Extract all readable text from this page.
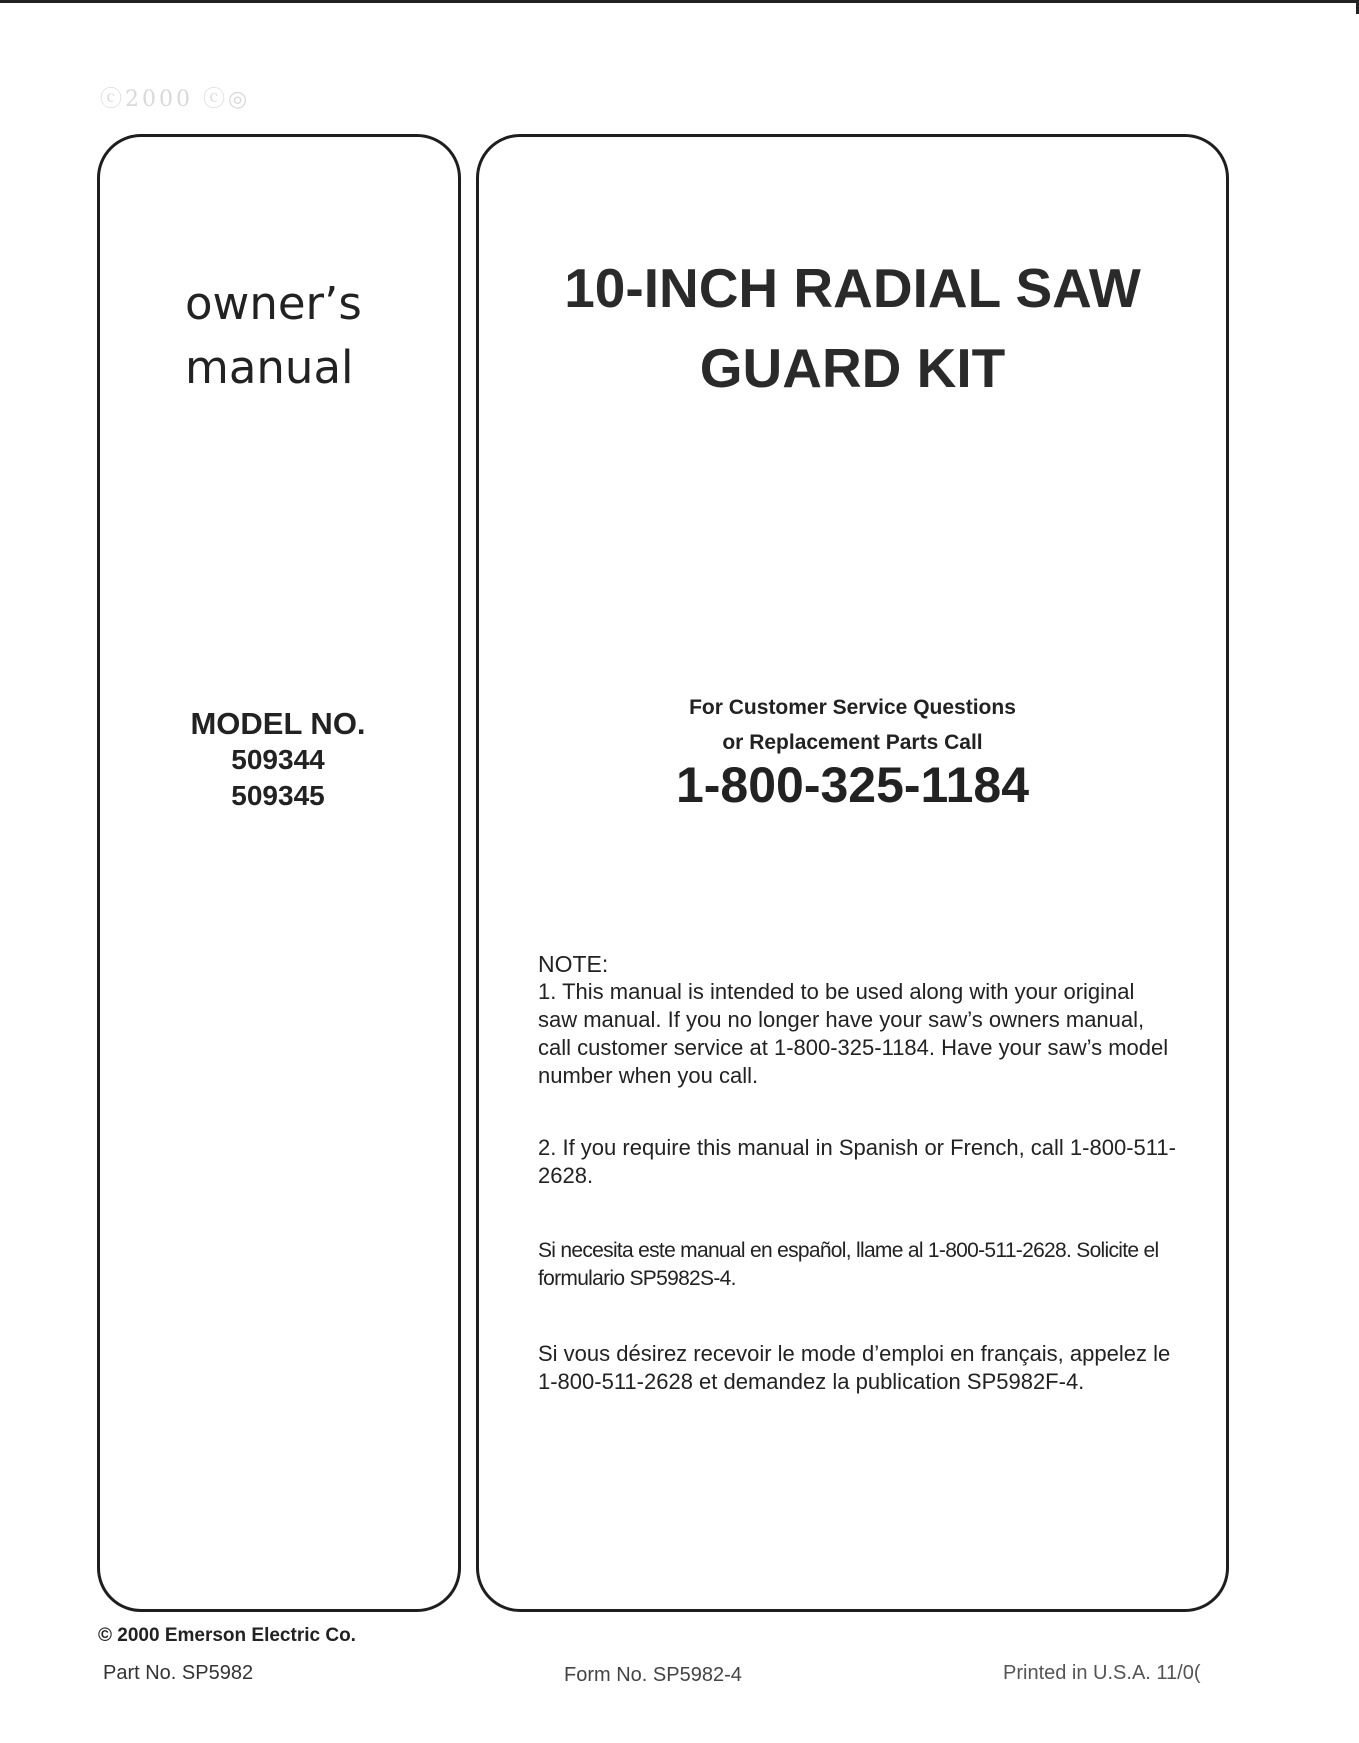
ⓒ2000 ⓒ◎
owner’s
manual
MODEL NO.
509344
509345
10-INCH RADIAL SAW
GUARD KIT
For Customer Service Questions
or Replacement Parts Call
1-800-325-1184

NOTE:

1. This manual is intended to be used along with your original saw manual. If you no longer have your saw’s owners manual, call customer service at 1-800-325-1184. Have your saw’s model number when you call.

2. If you require this manual in Spanish or French, call 1-800-511-2628.

Si necesita este manual en español, llame al 1-800-511-2628. Solicite el formulario SP5982S-4.

Si vous désirez recevoir le mode d’emploi en français, appelez le 1-800-511-2628 et demandez la publication SP5982F-4.

© 2000 Emerson Electric Co.
Part No. SP5982	Form No. SP5982-4	Printed in U.S.A. 11/0(
